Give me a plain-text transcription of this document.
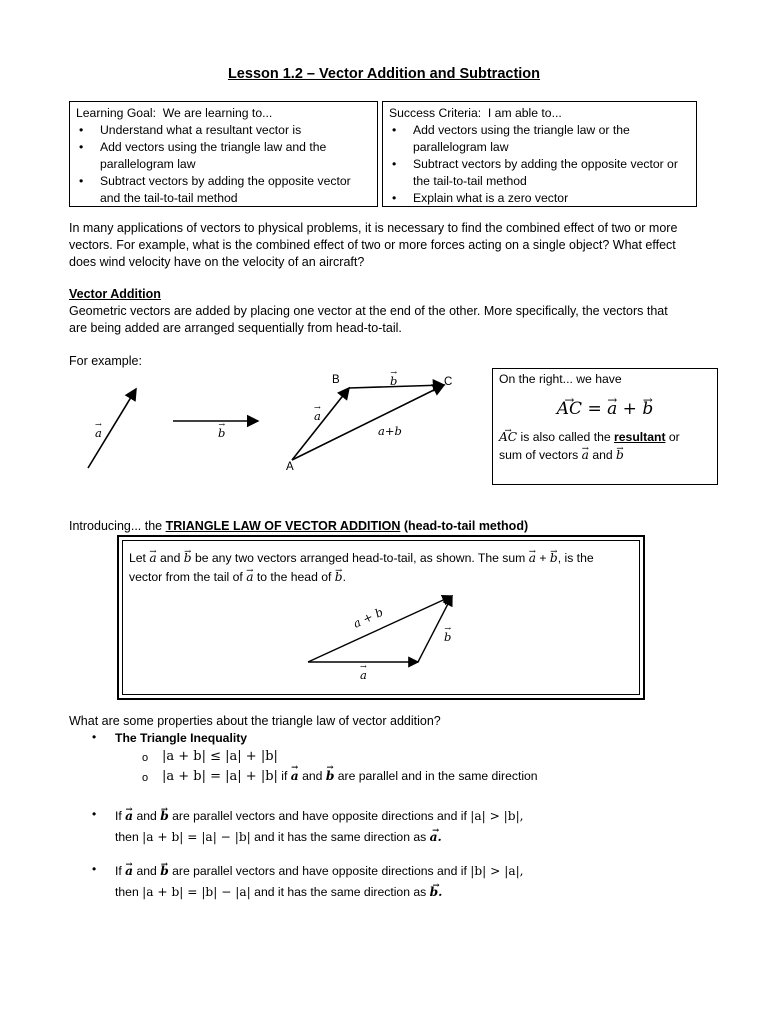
Lesson 1.2 – Vector Addition and Subtraction
Learning Goal: We are learning to...
• Understand what a resultant vector is
• Add vectors using the triangle law and the parallelogram law
• Subtract vectors by adding the opposite vector and the tail-to-tail method
Success Criteria: I am able to...
• Add vectors using the triangle law or the parallelogram law
• Subtract vectors by adding the opposite vector or the tail-to-tail method
• Explain what is a zero vector
In many applications of vectors to physical problems, it is necessary to find the combined effect of two or more vectors. For example, what is the combined effect of two or more forces acting on a single object? What effect does wind velocity have on the velocity of an aircraft?
Vector Addition
Geometric vectors are added by placing one vector at the end of the other. More specifically, the vectors that are being added are arranged sequentially from head-to-tail.
For example:
→ a	→ b
→ a
→ b
a+b
B	C
A
On the right... we have
→ AC = → a + → b
→ AC is also called the resultant or
sum of vectors → a and → b
Introducing... the TRIANGLE LAW OF VECTOR ADDITION (head-to-tail method)
Let → a and → b be any two vectors arranged head-to-tail, as shown. The sum → a + → b, is the
vector from the tail of → a to the head of → b.
a + b
→ a
→ b
What are some properties about the triangle law of vector addition?
• The Triangle Inequality
o |a + b| ≤ |a| + |b|
o |a + b| = |a| + |b| if → a and → b are parallel and in the same direction
• If → a and → b are parallel vectors and have opposite directions and if |a| > |b|,
then |a + b| = |a| − |b| and it has the same direction as → a.
• If → a and → b are parallel vectors and have opposite directions and if |b| > |a|,
then |a + b| = |b| − |a| and it has the same direction as → b.
